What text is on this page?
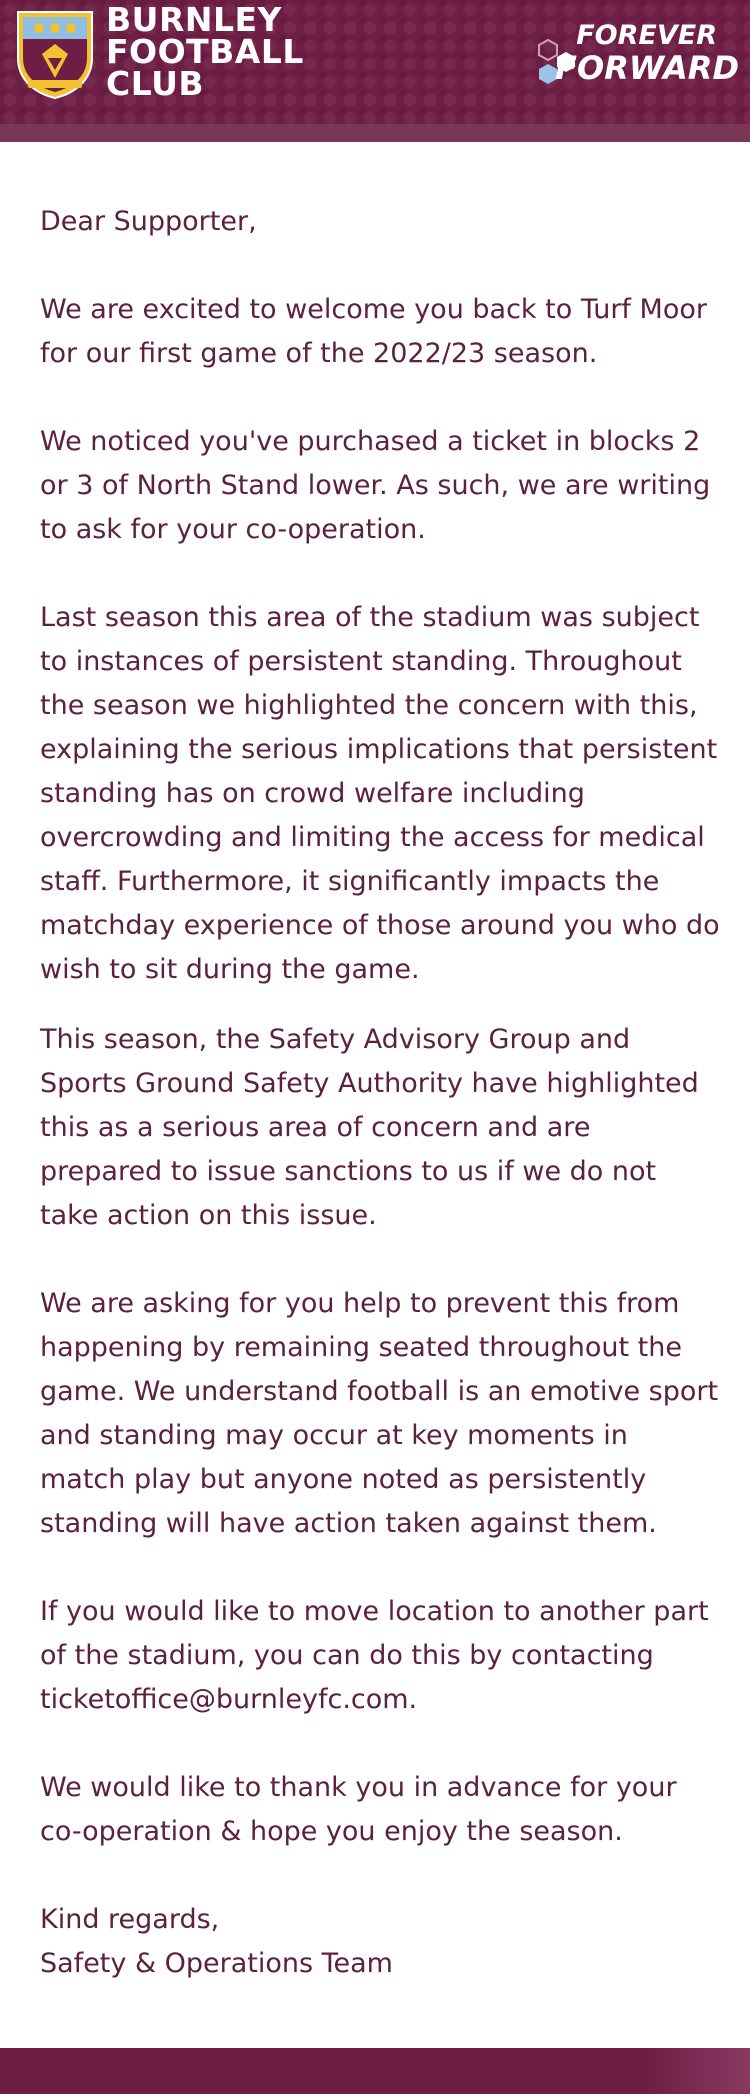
BURNLEY
FOOTBALL
CLUB
FOREVER
FORWARD

Dear Supporter,

We are excited to welcome you back to Turf Moor for our first game of the 2022/23 season.

We noticed you've purchased a ticket in blocks 2 or 3 of North Stand lower. As such, we are writing to ask for your co-operation.

Last season this area of the stadium was subject to instances of persistent standing. Throughout the season we highlighted the concern with this, explaining the serious implications that persistent standing has on crowd welfare including overcrowding and limiting the access for medical staff. Furthermore, it significantly impacts the matchday experience of those around you who do wish to sit during the game.

This season, the Safety Advisory Group and Sports Ground Safety Authority have highlighted this as a serious area of concern and are prepared to issue sanctions to us if we do not take action on this issue.

We are asking for you help to prevent this from happening by remaining seated throughout the game. We understand football is an emotive sport and standing may occur at key moments in match play but anyone noted as persistently standing will have action taken against them.

If you would like to move location to another part of the stadium, you can do this by contacting ticketoffice@burnleyfc.com.

We would like to thank you in advance for your co-operation & hope you enjoy the season.

Kind regards,

Safety & Operations Team
